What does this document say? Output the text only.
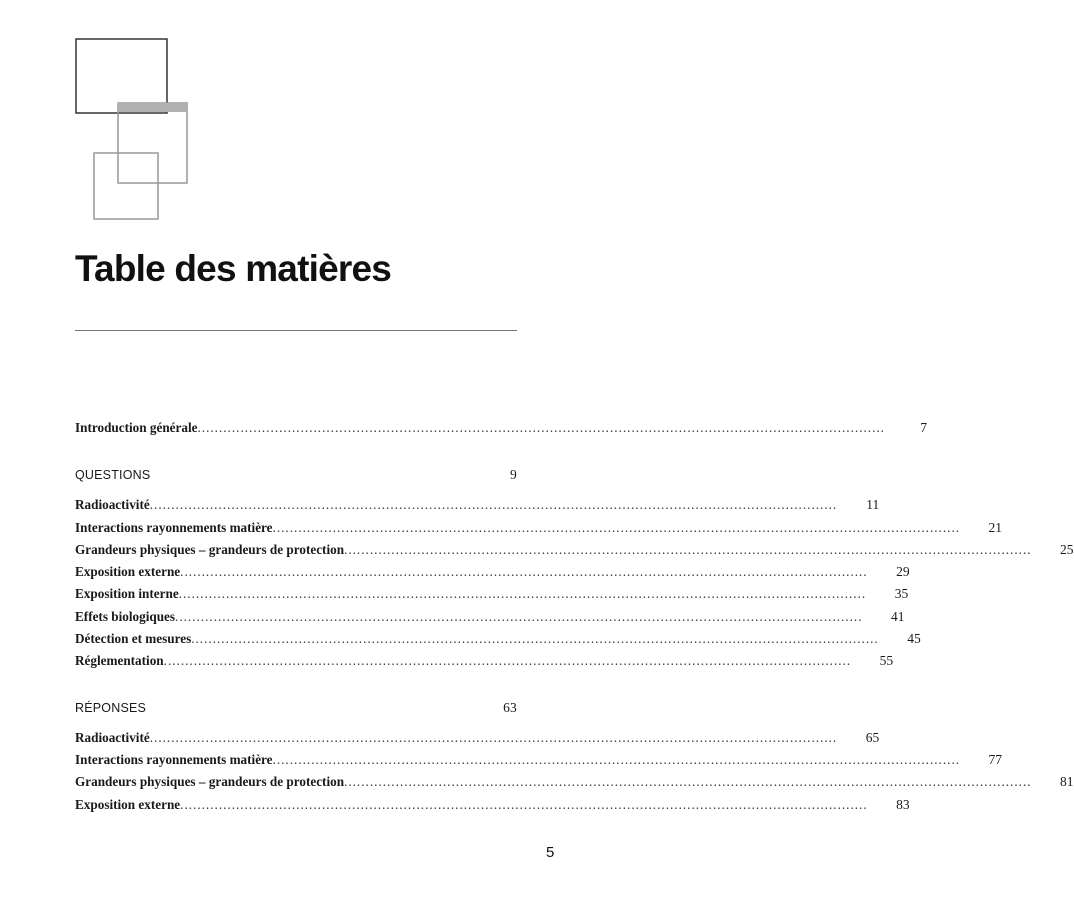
Table des matières
Introduction générale ................................................................................................................................................................	7
QUESTIONS	9
Radioactivité ................................................................................................................................................................	11
Interactions rayonnements matière ................................................................................................................................................................	21
Grandeurs physiques – grandeurs de protection ................................................................................................................................................................	25
Exposition externe ................................................................................................................................................................	29
Exposition interne ................................................................................................................................................................	35
Effets biologiques ................................................................................................................................................................	41
Détection et mesures ................................................................................................................................................................	45
Réglementation ................................................................................................................................................................	55
RÉPONSES	63
Radioactivité ................................................................................................................................................................	65
Interactions rayonnements matière ................................................................................................................................................................	77
Grandeurs physiques – grandeurs de protection ................................................................................................................................................................	81
Exposition externe ................................................................................................................................................................	83
5
